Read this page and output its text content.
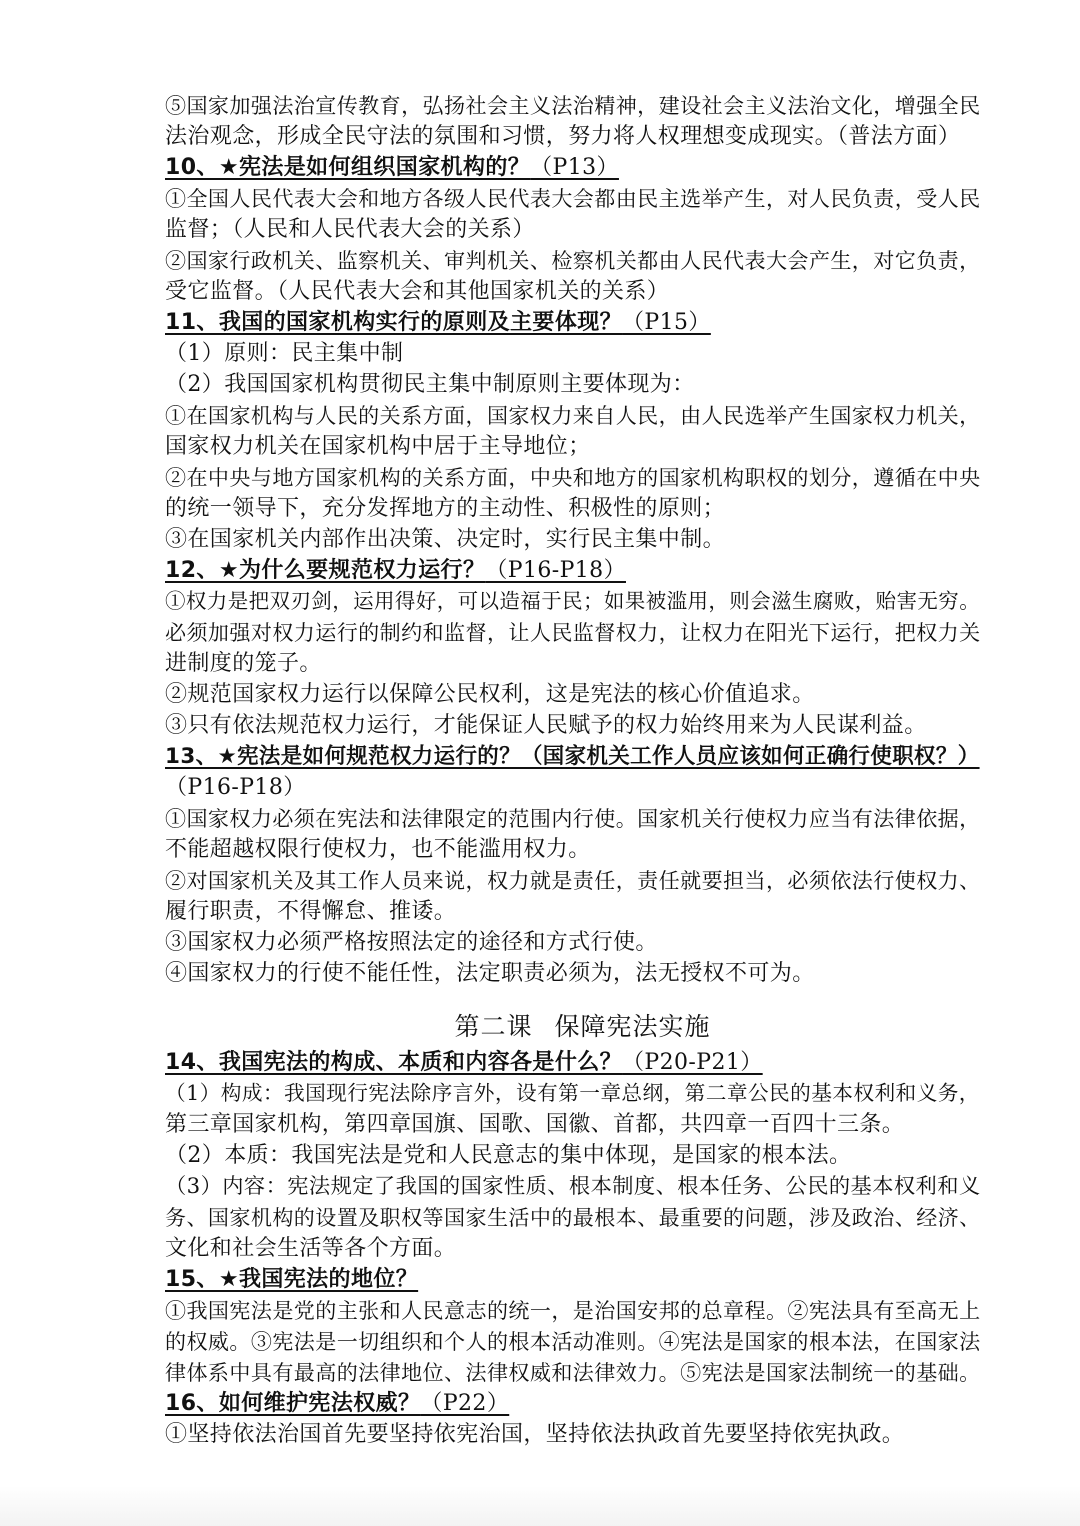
⑤国家加强法治宣传教育，弘扬社会主义法治精神，建设社会主义法治文化，增强全民
法治观念，形成全民守法的氛围和习惯，努力将人权理想变成现实。（普法方面）
10、★宪法是如何组织国家机构的？（P13）
①全国人民代表大会和地方各级人民代表大会都由民主选举产生，对人民负责，受人民
监督；（人民和人民代表大会的关系）
②国家行政机关、监察机关、审判机关、检察机关都由人民代表大会产生，对它负责，
受它监督。（人民代表大会和其他国家机关的关系）
11、我国的国家机构实行的原则及主要体现？（P15）
（1）原则：民主集中制
（2）我国国家机构贯彻民主集中制原则主要体现为：
①在国家机构与人民的关系方面，国家权力来自人民，由人民选举产生国家权力机关，
国家权力机关在国家机构中居于主导地位；
②在中央与地方国家机构的关系方面，中央和地方的国家机构职权的划分，遵循在中央
的统一领导下，充分发挥地方的主动性、积极性的原则；
③在国家机关内部作出决策、决定时，实行民主集中制。
12、★为什么要规范权力运行？（P16-P18）
①权力是把双刃剑，运用得好，可以造福于民；如果被滥用，则会滋生腐败，贻害无穷。
必须加强对权力运行的制约和监督，让人民监督权力，让权力在阳光下运行，把权力关
进制度的笼子。
②规范国家权力运行以保障公民权利，这是宪法的核心价值追求。
③只有依法规范权力运行，才能保证人民赋予的权力始终用来为人民谋利益。
13、★宪法是如何规范权力运行的？（国家机关工作人员应该如何正确行使职权？）
（P16-P18）
①国家权力必须在宪法和法律限定的范围内行使。国家机关行使权力应当有法律依据，
不能超越权限行使权力，也不能滥用权力。
②对国家机关及其工作人员来说，权力就是责任，责任就要担当，必须依法行使权力、
履行职责，不得懈怠、推诿。
③国家权力必须严格按照法定的途径和方式行使。
④国家权力的行使不能任性，法定职责必须为，法无授权不可为。
第二课 保障宪法实施
14、我国宪法的构成、本质和内容各是什么？（P20-P21）
（1）构成：我国现行宪法除序言外，设有第一章总纲，第二章公民的基本权利和义务，
第三章国家机构，第四章国旗、国歌、国徽、首都，共四章一百四十三条。
（2）本质：我国宪法是党和人民意志的集中体现，是国家的根本法。
（3）内容：宪法规定了我国的国家性质、根本制度、根本任务、公民的基本权利和义
务、国家机构的设置及职权等国家生活中的最根本、最重要的问题，涉及政治、经济、
文化和社会生活等各个方面。
15、★我国宪法的地位？
①我国宪法是党的主张和人民意志的统一，是治国安邦的总章程。②宪法具有至高无上
的权威。③宪法是一切组织和个人的根本活动准则。④宪法是国家的根本法，在国家法
律体系中具有最高的法律地位、法律权威和法律效力。⑤宪法是国家法制统一的基础。
16、如何维护宪法权威？（P22）
①坚持依法治国首先要坚持依宪治国，坚持依法执政首先要坚持依宪执政。
